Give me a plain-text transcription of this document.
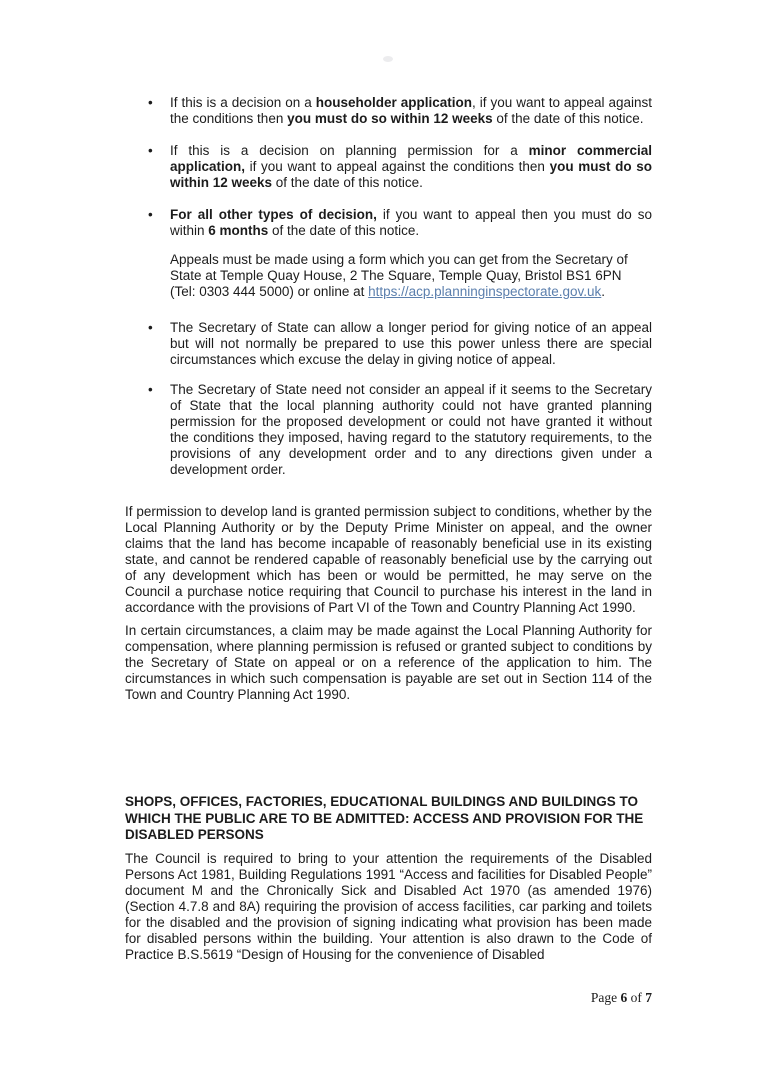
•	If this is a decision on a householder application, if you want to appeal against the conditions then you must do so within 12 weeks of the date of this notice.
•	If this is a decision on planning permission for a minor commercial application, if you want to appeal against the conditions then you must do so within 12 weeks of the date of this notice.
•	For all other types of decision, if you want to appeal then you must do so within 6 months of the date of this notice.
Appeals must be made using a form which you can get from the Secretary of State at Temple Quay House, 2 The Square, Temple Quay, Bristol BS1 6PN (Tel: 0303 444 5000) or online at https://acp.planninginspectorate.gov.uk.
•	The Secretary of State can allow a longer period for giving notice of an appeal but will not normally be prepared to use this power unless there are special circumstances which excuse the delay in giving notice of appeal.
•	The Secretary of State need not consider an appeal if it seems to the Secretary of State that the local planning authority could not have granted planning permission for the proposed development or could not have granted it without the conditions they imposed, having regard to the statutory requirements, to the provisions of any development order and to any directions given under a development order.
If permission to develop land is granted permission subject to conditions, whether by the Local Planning Authority or by the Deputy Prime Minister on appeal, and the owner claims that the land has become incapable of reasonably beneficial use in its existing state, and cannot be rendered capable of reasonably beneficial use by the carrying out of any development which has been or would be permitted, he may serve on the Council a purchase notice requiring that Council to purchase his interest in the land in accordance with the provisions of Part VI of the Town and Country Planning Act 1990.
In certain circumstances, a claim may be made against the Local Planning Authority for compensation, where planning permission is refused or granted subject to conditions by the Secretary of State on appeal or on a reference of the application to him. The circumstances in which such compensation is payable are set out in Section 114 of the Town and Country Planning Act 1990.
SHOPS, OFFICES, FACTORIES, EDUCATIONAL BUILDINGS AND BUILDINGS TO WHICH THE PUBLIC ARE TO BE ADMITTED: ACCESS AND PROVISION FOR THE DISABLED PERSONS
The Council is required to bring to your attention the requirements of the Disabled Persons Act 1981, Building Regulations 1991 “Access and facilities for Disabled People” document M and the Chronically Sick and Disabled Act 1970 (as amended 1976) (Section 4.7.8 and 8A) requiring the provision of access facilities, car parking and toilets for the disabled and the provision of signing indicating what provision has been made for disabled persons within the building. Your attention is also drawn to the Code of Practice B.S.5619 “Design of Housing for the convenience of Disabled
Page 6 of 7
